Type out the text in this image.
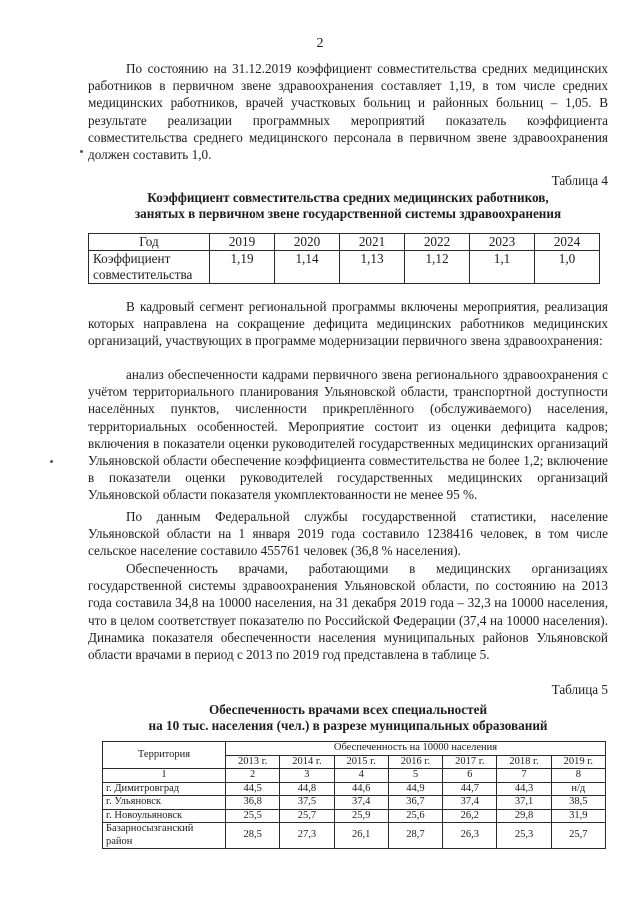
2

По состоянию на 31.12.2019 коэффициент совместительства средних медицинских работников в первичном звене здравоохранения составляет 1,19, в том числе средних медицинских работников, врачей участковых больниц и районных больниц – 1,05. В результате реализации программных мероприятий показатель коэффициента совместительства среднего медицинского персонала в первичном звене здравоохранения должен составить 1,0.

Таблица 4
Коэффициент совместительства средних медицинских работников,
занятых в первичном звене государственной системы здравоохранения
Год	2019	2020	2021	2022	2023	2024
Коэффициент совместительства	1,19	1,14	1,13	1,12	1,1	1,0

В кадровый сегмент региональной программы включены мероприятия, реализация которых направлена на сокращение дефицита медицинских работников медицинских организаций, участвующих в программе модернизации первичного звена здравоохранения:

анализ обеспеченности кадрами первичного звена регионального здравоохранения с учётом территориального планирования Ульяновской области, транспортной доступности населённых пунктов, численности прикреплённого (обслуживаемого) населения, территориальных особенностей. Мероприятие состоит из оценки дефицита кадров; включения в показатели оценки руководителей государственных медицинских организаций Ульяновской области обеспечение коэффициента совместительства не более 1,2; включение в показатели оценки руководителей государственных медицинских организаций Ульяновской области показателя укомплектованности не менее 95 %.

По данным Федеральной службы государственной статистики, население Ульяновской области на 1 января 2019 года составило 1238416 человек, в том числе сельское население составило 455761 человек (36,8 % населения).

Обеспеченность врачами, работающими в медицинских организациях государственной системы здравоохранения Ульяновской области, по состоянию на 2013 года составила 34,8 на 10000 населения, на 31 декабря 2019 года – 32,3 на 10000 населения, что в целом соответствует показателю по Российской Федерации (37,4 на 10000 населения). Динамика показателя обеспеченности населения муниципальных районов Ульяновской области врачами в период с 2013 по 2019 год представлена в таблице 5.

Таблица 5
Обеспеченность врачами всех специальностей
на 10 тыс. населения (чел.) в разрезе муниципальных образований
Территория	Обеспеченность на 10000 населения						
	2013 г.	2014 г.	2015 г.	2016 г.	2017 г.	2018 г.	2019 г.
1	2	3	4	5	6	7	8
г. Димитровград	44,5	44,8	44,6	44,9	44,7	44,3	н/д
г. Ульяновск	36,8	37,5	37,4	36,7	37,4	37,1	38,5
г. Новоульяновск	25,5	25,7	25,9	25,6	26,2	29,8	31,9
Базарносызганский район	28,5	27,3	26,1	28,7	26,3	25,3	25,7
